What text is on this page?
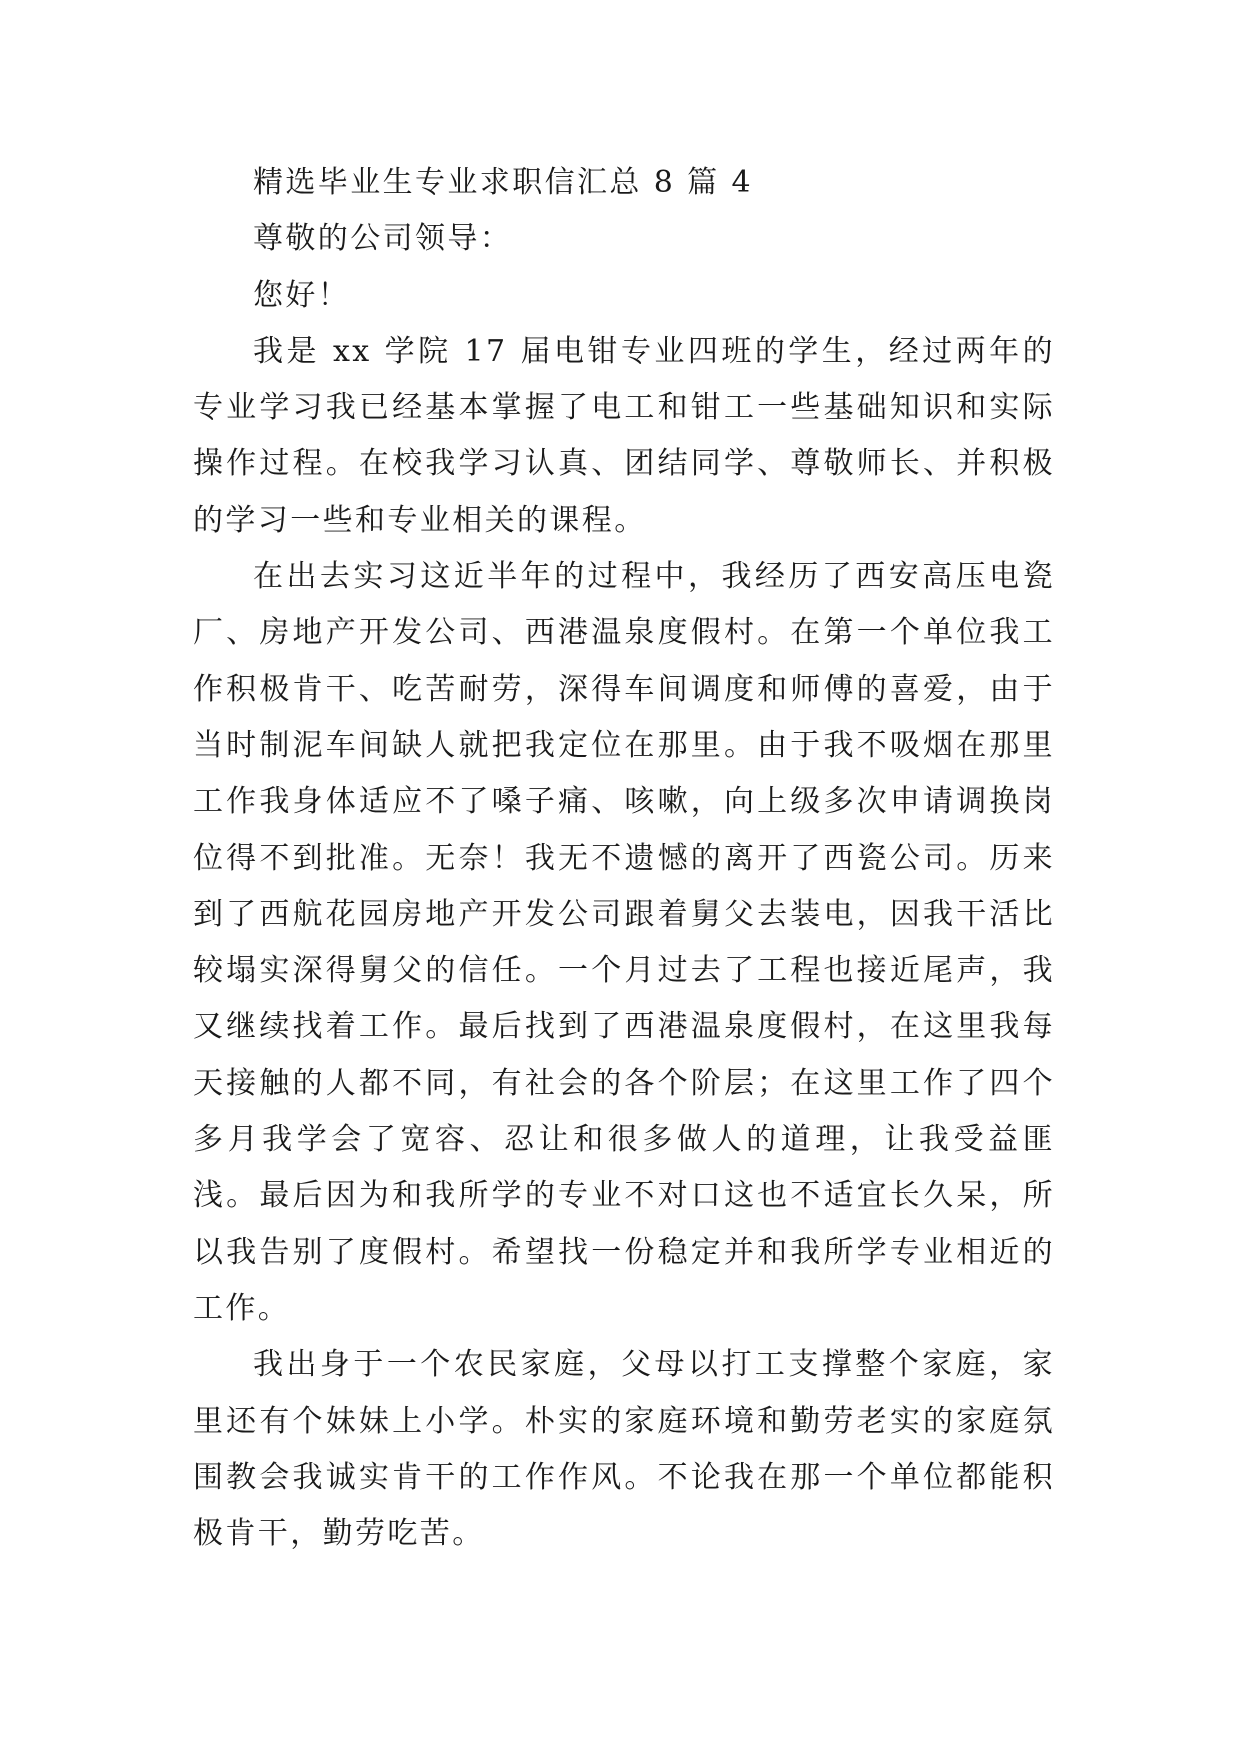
精选毕业生专业求职信汇总 8 篇 4

尊敬的公司领导：

您好！

我是 xx 学院 17 届电钳专业四班的学生，经过两年的专业学习我已经基本掌握了电工和钳工一些基础知识和实际操作过程。在校我学习认真、团结同学、尊敬师长、并积极的学习一些和专业相关的课程。

在出去实习这近半年的过程中，我经历了西安高压电瓷厂、房地产开发公司、西港温泉度假村。在第一个单位我工作积极肯干、吃苦耐劳，深得车间调度和师傅的喜爱，由于当时制泥车间缺人就把我定位在那里。由于我不吸烟在那里工作我身体适应不了嗓子痛、咳嗽，向上级多次申请调换岗位得不到批准。无奈！我无不遗憾的离开了西瓷公司。历来到了西航花园房地产开发公司跟着舅父去装电，因我干活比较塌实深得舅父的信任。一个月过去了工程也接近尾声，我又继续找着工作。最后找到了西港温泉度假村，在这里我每天接触的人都不同，有社会的各个阶层；在这里工作了四个多月我学会了宽容、忍让和很多做人的道理，让我受益匪浅。最后因为和我所学的专业不对口这也不适宜长久呆，所以我告别了度假村。希望找一份稳定并和我所学专业相近的工作。

我出身于一个农民家庭，父母以打工支撑整个家庭，家里还有个妹妹上小学。朴实的家庭环境和勤劳老实的家庭氛围教会我诚实肯干的工作作风。不论我在那一个单位都能积极肯干，勤劳吃苦。
